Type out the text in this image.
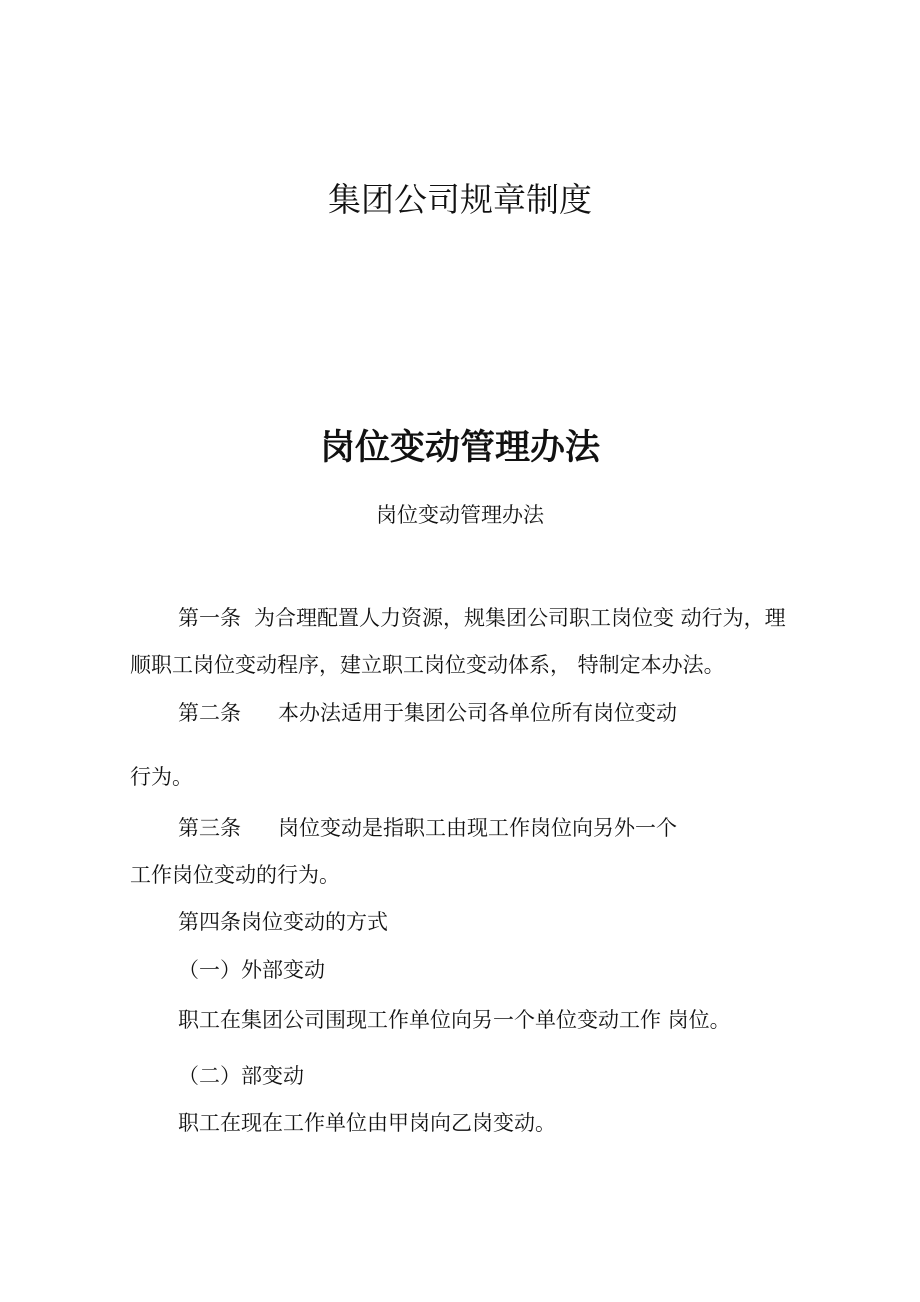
集团公司规章制度
岗位变动管理办法
岗位变动管理办法
第一条 为合理配置人力资源，规集团公司职工岗位变 动行为，理
顺职工岗位变动程序，建立职工岗位变动体系， 特制定本办法。
第二条 本办法适用于集团公司各单位所有岗位变动
行为。
第三条 岗位变动是指职工由现工作岗位向另外一个
工作岗位变动的行为。
第四条岗位变动的方式
（一）外部变动
职工在集团公司围现工作单位向另一个单位变动工作 岗位。
（二）部变动
职工在现在工作单位由甲岗向乙岗变动。
